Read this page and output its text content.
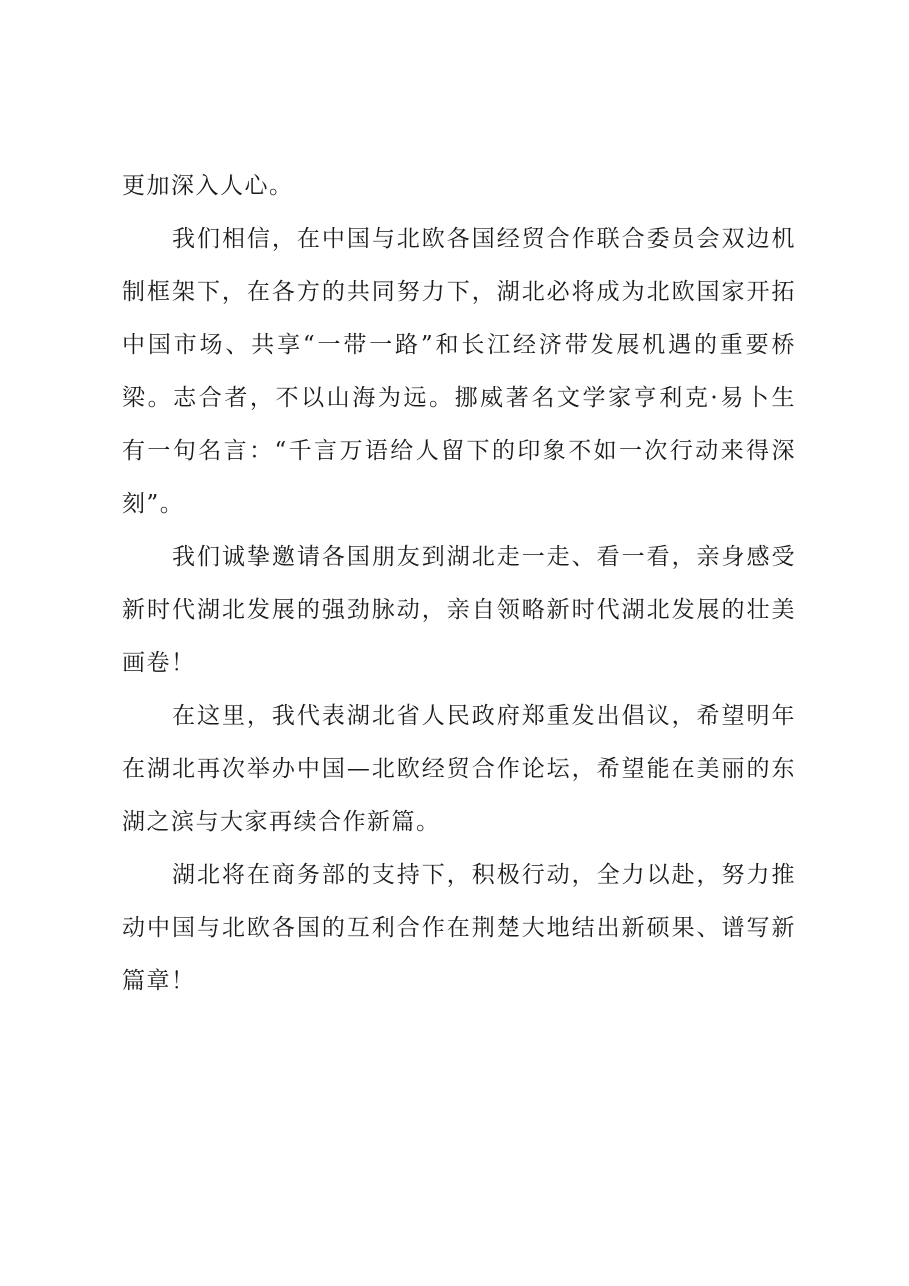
更加深入人心。
我们相信，在中国与北欧各国经贸合作联合委员会双边机
制框架下，在各方的共同努力下，湖北必将成为北欧国家开拓
中国市场、共享“一带一路”和长江经济带发展机遇的重要桥
梁。志合者，不以山海为远。挪威著名文学家亨利克·易卜生
有一句名言：“千言万语给人留下的印象不如一次行动来得深
刻”。
我们诚挚邀请各国朋友到湖北走一走、看一看，亲身感受
新时代湖北发展的强劲脉动，亲自领略新时代湖北发展的壮美
画卷！
在这里，我代表湖北省人民政府郑重发出倡议，希望明年
在湖北再次举办中国—北欧经贸合作论坛，希望能在美丽的东
湖之滨与大家再续合作新篇。
湖北将在商务部的支持下，积极行动，全力以赴，努力推
动中国与北欧各国的互利合作在荆楚大地结出新硕果、谱写新
篇章！
